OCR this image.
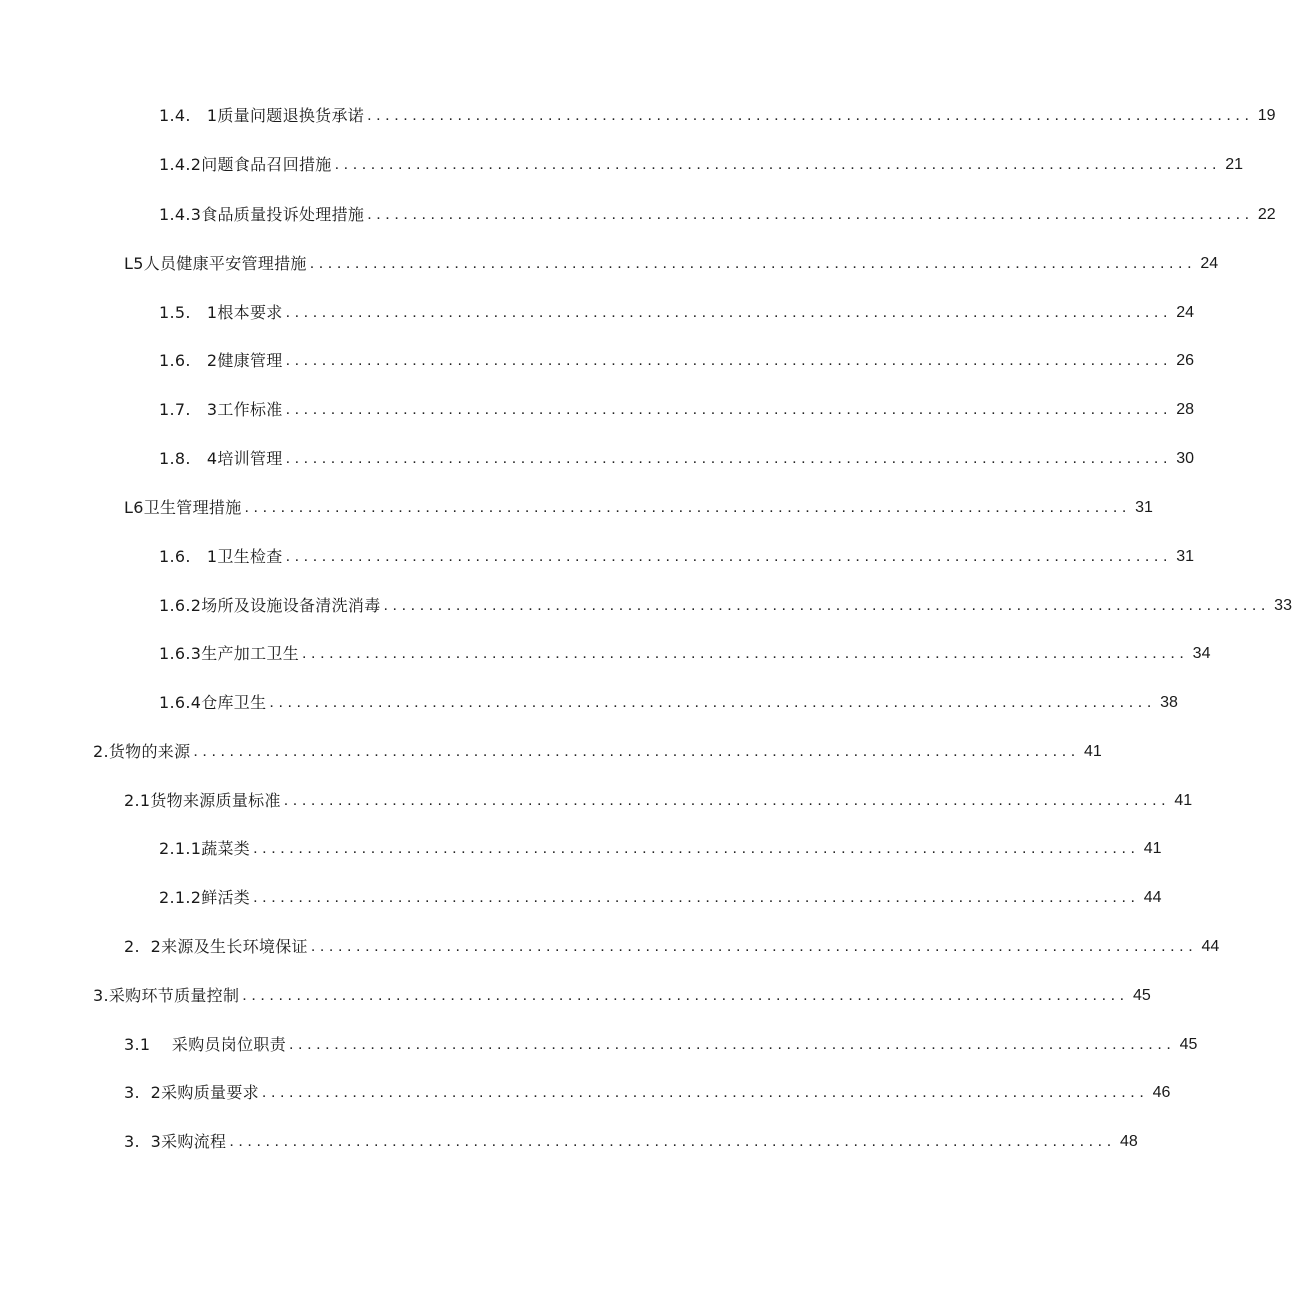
1.4.   1质量问题退换货承诺 .................................................................................................. 19
1.4.2问题食品召回措施 .................................................................................................. 21
1.4.3食品质量投诉处理措施 .................................................................................................. 22
L5人员健康平安管理措施 .................................................................................................. 24
1.5.   1根本要求 .................................................................................................. 24
1.6.   2健康管理 .................................................................................................. 26
1.7.   3工作标准 .................................................................................................. 28
1.8.   4培训管理 .................................................................................................. 30
L6卫生管理措施 .................................................................................................. 31
1.6.   1卫生检查 .................................................................................................. 31
1.6.2场所及设施设备清洗消毒 .................................................................................................. 33
1.6.3生产加工卫生 .................................................................................................. 34
1.6.4仓库卫生 .................................................................................................. 38
2.货物的来源 .................................................................................................. 41
2.1货物来源质量标准 .................................................................................................. 41
2.1.1蔬菜类 .................................................................................................. 41
2.1.2鲜活类 .................................................................................................. 44
2.  2来源及生长环境保证 .................................................................................................. 44
3.采购环节质量控制 .................................................................................................. 45
3.1    采购员岗位职责 .................................................................................................. 45
3.  2采购质量要求 .................................................................................................. 46
3.  3采购流程 .................................................................................................. 48
